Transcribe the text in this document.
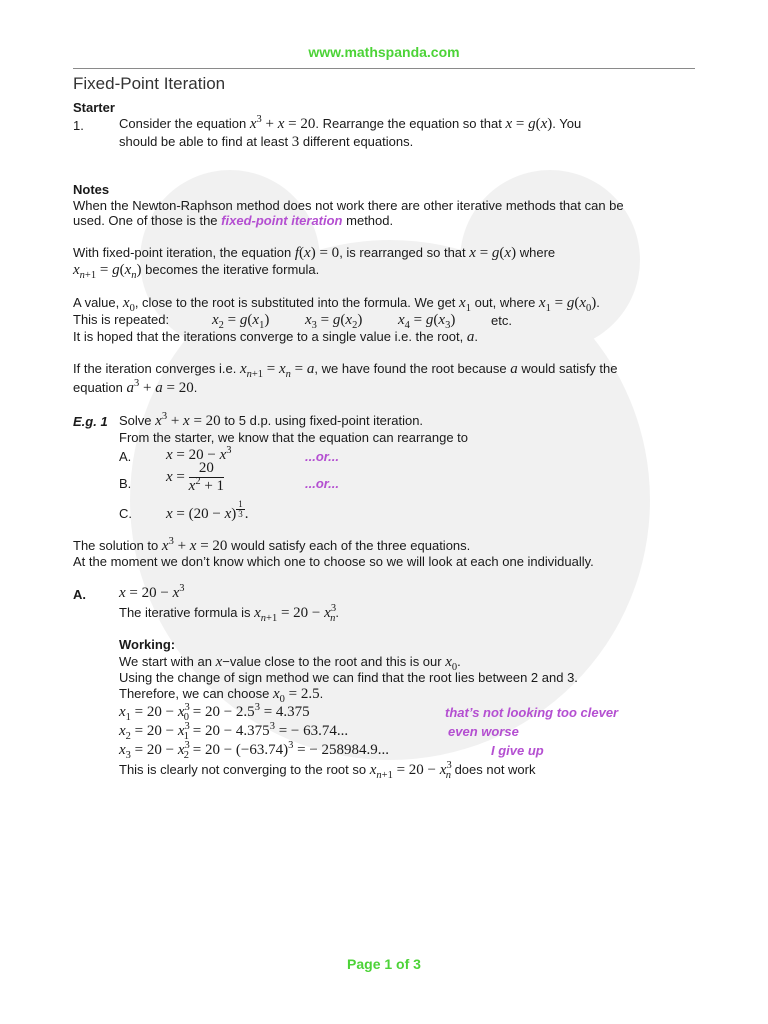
www.mathspanda.com
Fixed-Point Iteration
Starter
1.	Consider the equation $x^3 + x = 20$. Rearrange the equation so that x = g(x). You
should be able to find at least 3 different equations.
Notes
When the Newton-Raphson method does not work there are other iterative methods that can be
used. One of those is the fixed-point iteration method.
With fixed-point iteration, the equation f(x) = 0, is rearranged so that x = g(x) where
$x_{n+1} = g(x_n)$ becomes the iterative formula.
A value, $x_0$, close to the root is substituted into the formula. We get $x_1$ out, where $x_1 = g(x_0)$.
This is repeated:	$x_2 = g(x_1) x_3 = g(x_2) x_4 = g(x_3)$	etc.
It is hoped that the iterations converge to a single value i.e. the root, a.
If the iteration converges i.e. $x_{n+1} = x_n = a$, we have found the root because a would satisfy the
equation $a^3 + a = 20$.
E.g. 1 Solve $x^3 + x = 20$ to 5 d.p. using fixed-point iteration.
From the starter, we know that the equation can rearrange to
A. $x = 20 - x^3$	...or...
B. $x = \frac{20}{x^2 + 1}$	...or...
C. x = (20 − x) $^{\frac{1}{3}}$ .
The solution to $x^3 + x = 20$ would satisfy each of the three equations.
At the moment we don’t know which one to choose so we will look at each one individually.
A. $x = 20 - x^3$
The iterative formula is $x_{n+1} = 20 - x^3_n$.
Working:
We start with an x−value close to the root and this is our $x_0$.
Using the change of sign method we can find that the root lies between 2 and 3.
Therefore, we can choose $x_0 = 2.5$.
$x_1 = 20 - x^3_0 = 20 - 2.5^3 = 4.375$	that’s not looking too clever
$x_2 = 20 - x^3_1 = 20 - 4.375^3$ = − 63.74...	even worse
$x_3 = 20 - x^3_2 = 20 - (-63.74)^3$ = − 258984.9...	I give up
This is clearly not converging to the root so $x_{n+1} = 20 - x^3_n$ does not work
Page 1 of 3
